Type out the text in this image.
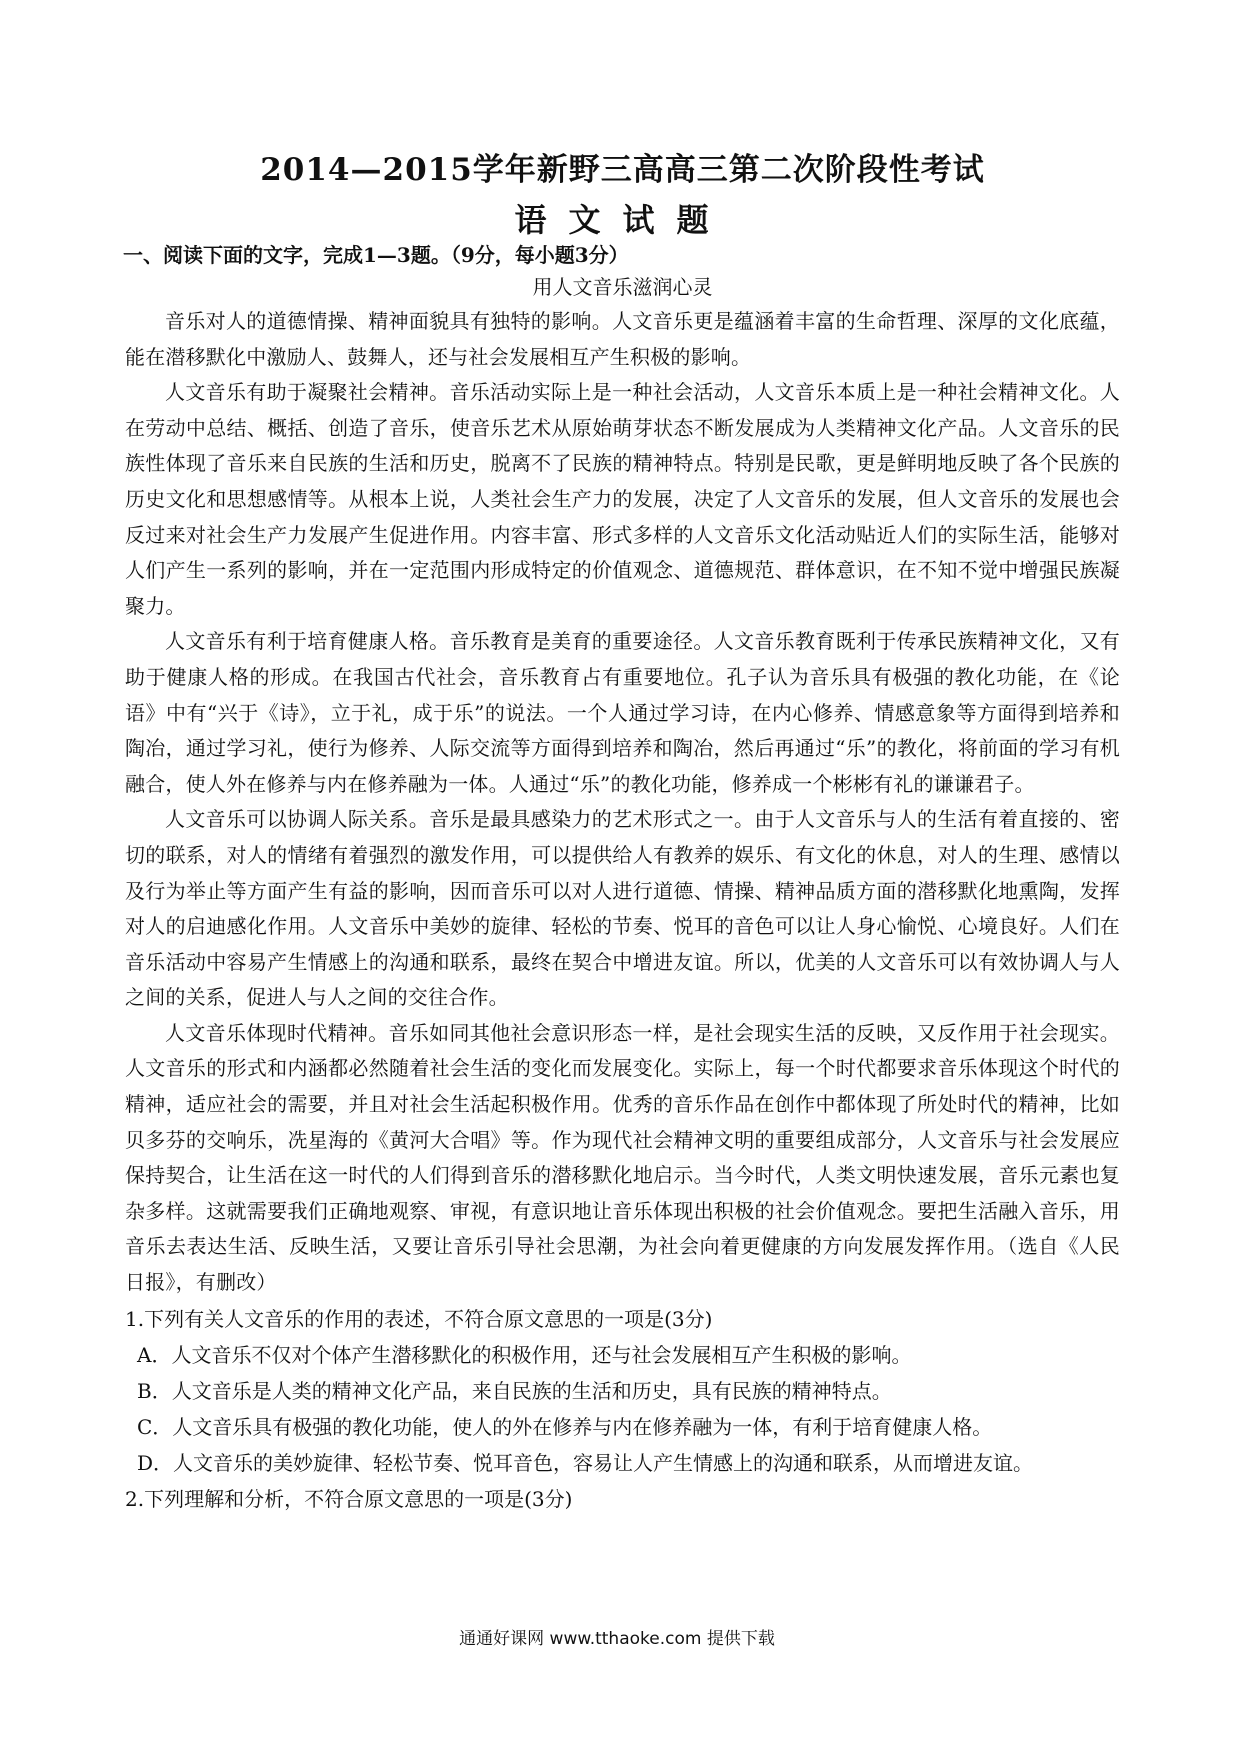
2014—2015学年新野三高高三第二次阶段性考试
语文试题

一、阅读下面的文字，完成1—3题。（9分，每小题3分）

用人文音乐滋润心灵

音乐对人的道德情操、精神面貌具有独特的影响。人文音乐更是蕴涵着丰富的生命哲理、深厚的文化底蕴，能在潜移默化中激励人、鼓舞人，还与社会发展相互产生积极的影响。

人文音乐有助于凝聚社会精神。音乐活动实际上是一种社会活动，人文音乐本质上是一种社会精神文化。人在劳动中总结、概括、创造了音乐，使音乐艺术从原始萌芽状态不断发展成为人类精神文化产品。人文音乐的民族性体现了音乐来自民族的生活和历史，脱离不了民族的精神特点。特别是民歌，更是鲜明地反映了各个民族的历史文化和思想感情等。从根本上说，人类社会生产力的发展，决定了人文音乐的发展，但人文音乐的发展也会反过来对社会生产力发展产生促进作用。内容丰富、形式多样的人文音乐文化活动贴近人们的实际生活，能够对人们产生一系列的影响，并在一定范围内形成特定的价值观念、道德规范、群体意识，在不知不觉中增强民族凝聚力。

人文音乐有利于培育健康人格。音乐教育是美育的重要途径。人文音乐教育既利于传承民族精神文化，又有助于健康人格的形成。在我国古代社会，音乐教育占有重要地位。孔子认为音乐具有极强的教化功能，在《论语》中有“兴于《诗》，立于礼，成于乐”的说法。一个人通过学习诗，在内心修养、情感意象等方面得到培养和陶冶，通过学习礼，使行为修养、人际交流等方面得到培养和陶冶，然后再通过“乐”的教化，将前面的学习有机融合，使人外在修养与内在修养融为一体。人通过“乐”的教化功能，修养成一个彬彬有礼的谦谦君子。

人文音乐可以协调人际关系。音乐是最具感染力的艺术形式之一。由于人文音乐与人的生活有着直接的、密切的联系，对人的情绪有着强烈的激发作用，可以提供给人有教养的娱乐、有文化的休息，对人的生理、感情以及行为举止等方面产生有益的影响，因而音乐可以对人进行道德、情操、精神品质方面的潜移默化地熏陶，发挥对人的启迪感化作用。人文音乐中美妙的旋律、轻松的节奏、悦耳的音色可以让人身心愉悦、心境良好。人们在音乐活动中容易产生情感上的沟通和联系，最终在契合中增进友谊。所以，优美的人文音乐可以有效协调人与人之间的关系，促进人与人之间的交往合作。

人文音乐体现时代精神。音乐如同其他社会意识形态一样，是社会现实生活的反映，又反作用于社会现实。人文音乐的形式和内涵都必然随着社会生活的变化而发展变化。实际上，每一个时代都要求音乐体现这个时代的精神，适应社会的需要，并且对社会生活起积极作用。优秀的音乐作品在创作中都体现了所处时代的精神，比如贝多芬的交响乐，冼星海的《黄河大合唱》等。作为现代社会精神文明的重要组成部分，人文音乐与社会发展应保持契合，让生活在这一时代的人们得到音乐的潜移默化地启示。当今时代，人类文明快速发展，音乐元素也复杂多样。这就需要我们正确地观察、审视，有意识地让音乐体现出积极的社会价值观念。要把生活融入音乐，用音乐去表达生活、反映生活，又要让音乐引导社会思潮，为社会向着更健康的方向发展发挥作用。（选自《人民日报》，有删改）

1.下列有关人文音乐的作用的表述，不符合原文意思的一项是(3分)

A．人文音乐不仅对个体产生潜移默化的积极作用，还与社会发展相互产生积极的影响。

B．人文音乐是人类的精神文化产品，来自民族的生活和历史，具有民族的精神特点。

C．人文音乐具有极强的教化功能，使人的外在修养与内在修养融为一体，有利于培育健康人格。

D．人文音乐的美妙旋律、轻松节奏、悦耳音色，容易让人产生情感上的沟通和联系，从而增进友谊。

2.下列理解和分析，不符合原文意思的一项是(3分)

通通好课网 www.tthaoke.com 提供下载
